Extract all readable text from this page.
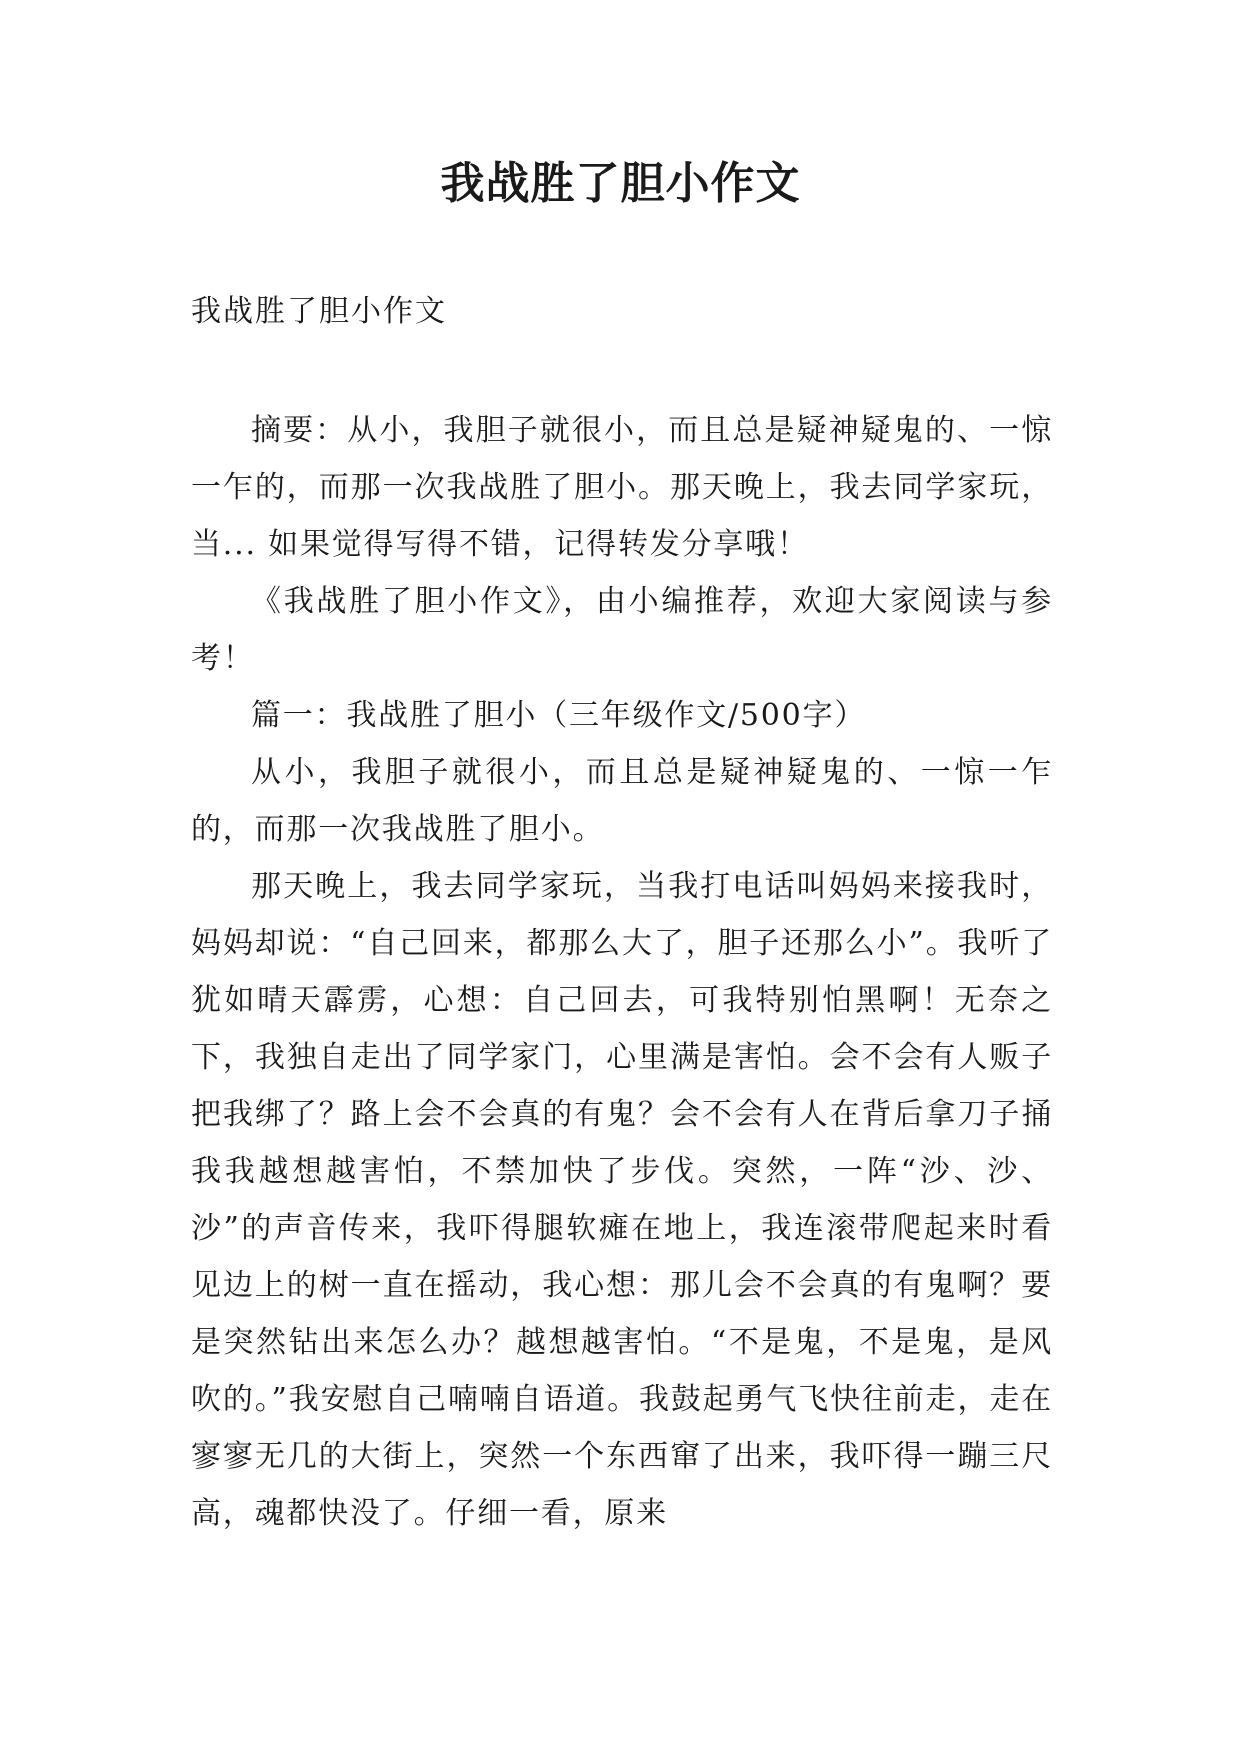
我战胜了胆小作文

我战胜了胆小作文

摘要：从小，我胆子就很小，而且总是疑神疑鬼的、一惊一乍的，而那一次我战胜了胆小。那天晚上，我去同学家玩，当... 如果觉得写得不错，记得转发分享哦！

《我战胜了胆小作文》，由小编推荐，欢迎大家阅读与参考！

篇一：我战胜了胆小（三年级作文/500字）

从小，我胆子就很小，而且总是疑神疑鬼的、一惊一乍的，而那一次我战胜了胆小。

那天晚上，我去同学家玩，当我打电话叫妈妈来接我时，妈妈却说：“自己回来，都那么大了，胆子还那么小”。我听了犹如晴天霹雳，心想：自己回去，可我特别怕黑啊！无奈之下，我独自走出了同学家门，心里满是害怕。会不会有人贩子把我绑了？路上会不会真的有鬼？会不会有人在背后拿刀子捅我我越想越害怕，不禁加快了步伐。突然，一阵“沙、沙、沙”的声音传来，我吓得腿软瘫在地上，我连滚带爬起来时看见边上的树一直在摇动，我心想：那儿会不会真的有鬼啊？要是突然钻出来怎么办？越想越害怕。“不是鬼，不是鬼，是风吹的。”我安慰自己喃喃自语道。我鼓起勇气飞快往前走，走在寥寥无几的大街上，突然一个东西窜了出来，我吓得一蹦三尺高，魂都快没了。仔细一看，原来
